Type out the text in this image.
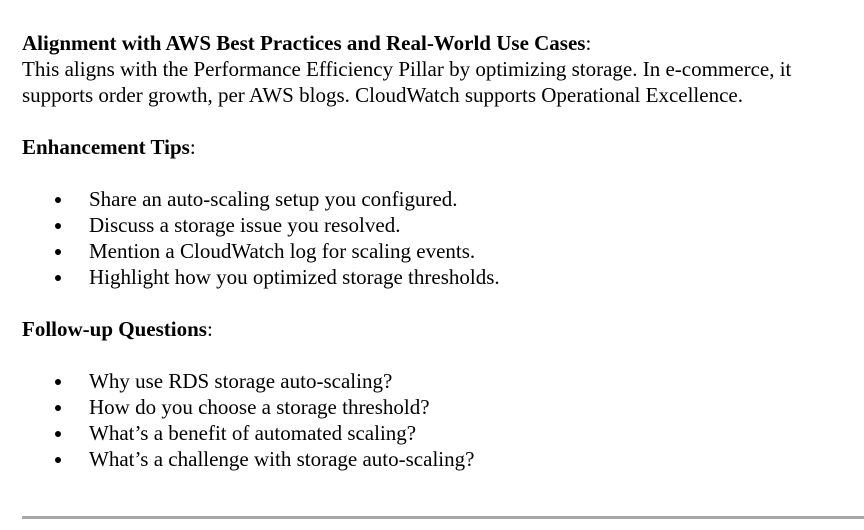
Alignment with AWS Best Practices and Real-World Use Cases:

This aligns with the Performance Efficiency Pillar by optimizing storage. In e-commerce, it

supports order growth, per AWS blogs. CloudWatch supports Operational Excellence.

Enhancement Tips:

Share an auto-scaling setup you configured.
Discuss a storage issue you resolved.
Mention a CloudWatch log for scaling events.
Highlight how you optimized storage thresholds.

Follow-up Questions:

Why use RDS storage auto-scaling?
How do you choose a storage threshold?
What’s a benefit of automated scaling?
What’s a challenge with storage auto-scaling?
